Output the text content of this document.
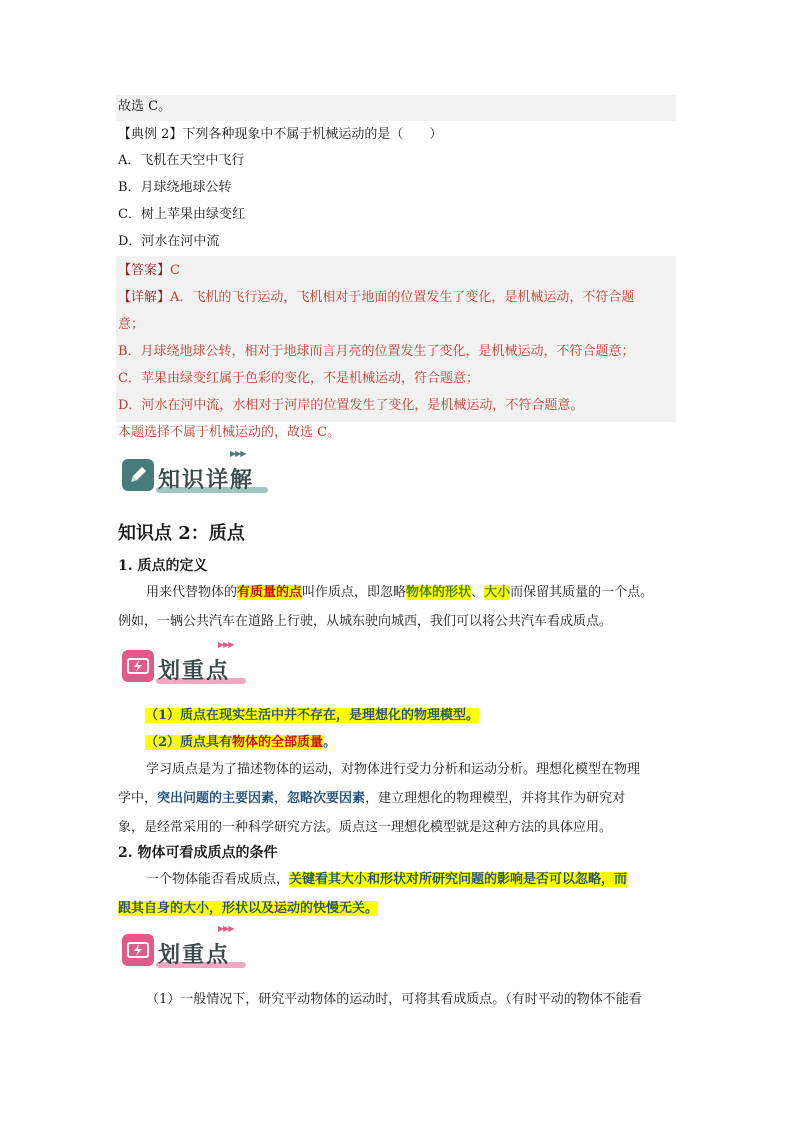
故选 C。
【典例 2】下列各种现象中不属于机械运动的是（　　）
A．飞机在天空中飞行
B．月球绕地球公转
C．树上苹果由绿变红
D．河水在河中流
【答案】C
【详解】A．飞机的飞行运动，飞机相对于地面的位置发生了变化，是机械运动，不符合题
意；
B．月球绕地球公转，相对于地球而言月亮的位置发生了变化，是机械运动，不符合题意；
C．苹果由绿变红属于色彩的变化，不是机械运动，符合题意；
D．河水在河中流，水相对于河岸的位置发生了变化，是机械运动，不符合题意。
本题选择不属于机械运动的，故选 C。
▶▶▶
知识详解
知识点 2：质点
1. 质点的定义
用来代替物体的有质量的点叫作质点，即忽略物体的形状、大小而保留其质量的一个点。
例如，一辆公共汽车在道路上行驶，从城东驶向城西，我们可以将公共汽车看成质点。
▶▶▶
划重点
（1）质点在现实生活中并不存在，是理想化的物理模型。
（2）质点具有物体的全部质量。
学习质点是为了描述物体的运动，对物体进行受力分析和运动分析。理想化模型在物理
学中，突出问题的主要因素，忽略次要因素，建立理想化的物理模型，并将其作为研究对
象，是经常采用的一种科学研究方法。质点这一理想化模型就是这种方法的具体应用。
2. 物体可看成质点的条件
一个物体能否看成质点，关键看其大小和形状对所研究问题的影响是否可以忽略，而
跟其自身的大小，形状以及运动的快慢无关。
▶▶▶
划重点
（1）一般情况下，研究平动物体的运动时，可将其看成质点。（有时平动的物体不能看
